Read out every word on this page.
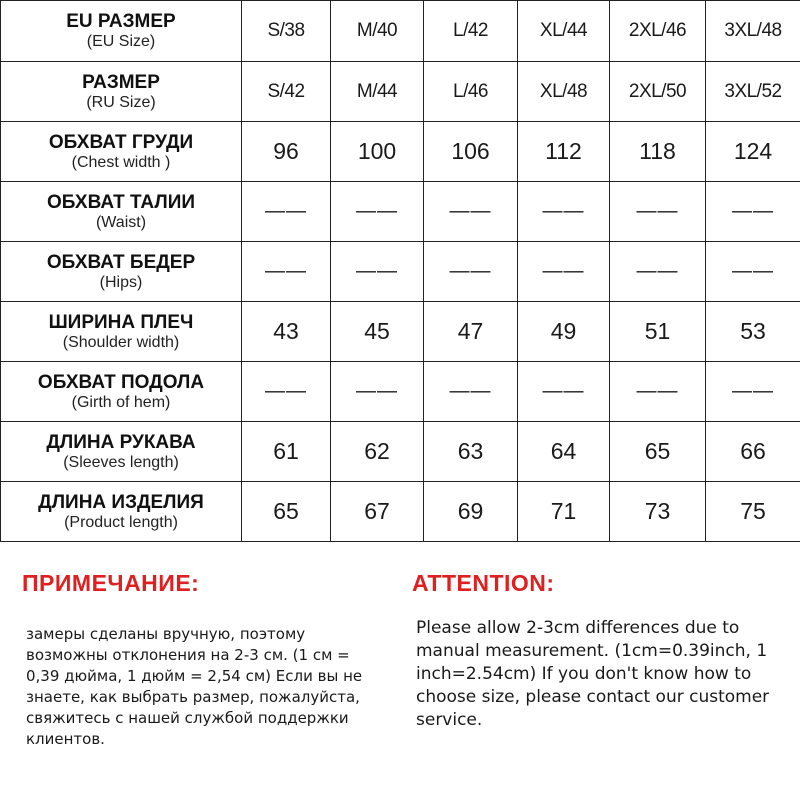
EU РАЗМЕР
(EU Size)	S/38	M/40	L/42	XL/44	2XL/46	3XL/48

РАЗМЕР
(RU Size)	S/42	M/44	L/46	XL/48	2XL/50	3XL/52

ОБХВАТ ГРУДИ
(Chest width )	96	100	106	112	118	124

ОБХВАТ ТАЛИИ
(Waist)	——	——	——	——	——	——

ОБХВАТ БЕДЕР
(Hips)	——	——	——	——	——	——

ШИРИНА ПЛЕЧ
(Shoulder width)	43	45	47	49	51	53

ОБХВАТ ПОДОЛА
(Girth of hem)	——	——	——	——	——	——

ДЛИНА РУКАВА
(Sleeves length)	61	62	63	64	65	66

ДЛИНА ИЗДЕЛИЯ
(Product length)	65	67	69	71	73	75
ПРИМЕЧАНИЕ:
замеры сделаны вручную, поэтому возможны отклонения на 2-3 см. (1 см = 0,39 дюйма, 1 дюйм = 2,54 см) Если вы не знаете, как выбрать размер, пожалуйста, свяжитесь с нашей службой поддержки клиентов.
ATTENTION:
Please allow 2-3cm differences due to manual measurement. (1cm=0.39inch, 1 inch=2.54cm) If you don't know how to choose size, please contact our customer service.
